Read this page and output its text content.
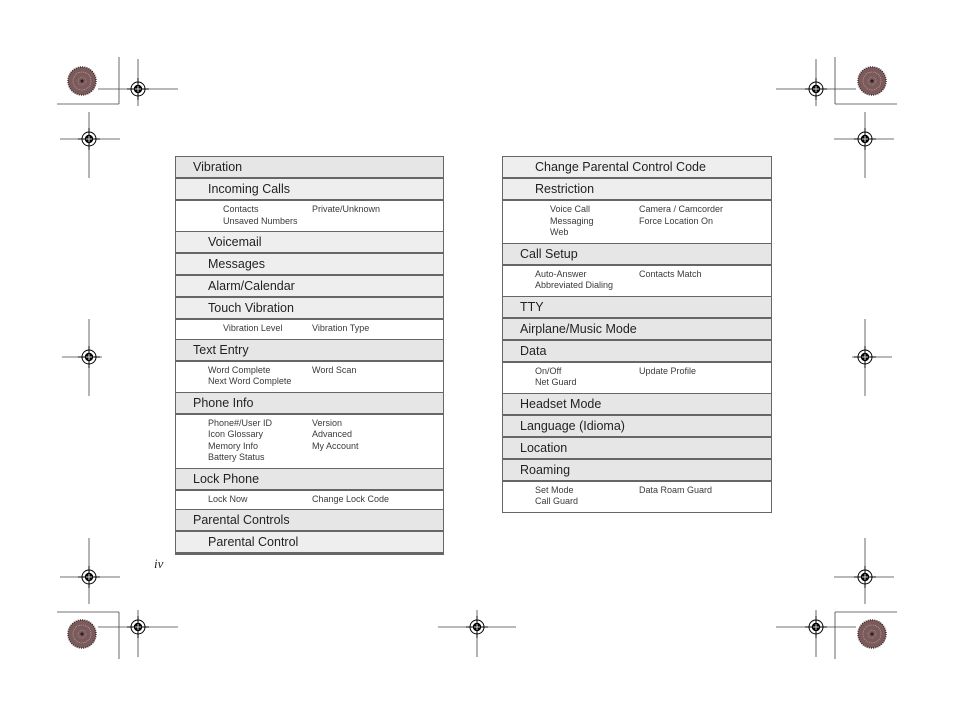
Vibration
Incoming Calls
Contacts	Private/Unknown
Unsaved Numbers
Voicemail
Messages
Alarm/Calendar
Touch Vibration
Vibration Level	Vibration Type
Text Entry
Word Complete	Word Scan
Next Word Complete
Phone Info
Phone#/User ID	Version
Icon Glossary	Advanced
Memory Info	My Account
Battery Status
Lock Phone
Lock Now	Change Lock Code
Parental Controls
Parental Control
Change Parental Control Code
Restriction
Voice Call	Camera / Camcorder
Messaging	Force Location On
Web
Call Setup
Auto-Answer	Contacts Match
Abbreviated Dialing
TTY
Airplane/Music Mode
Data
On/Off	Update Profile
Net Guard
Headset Mode
Language (Idioma)
Location
Roaming
Set Mode	Data Roam Guard
Call Guard
iv
